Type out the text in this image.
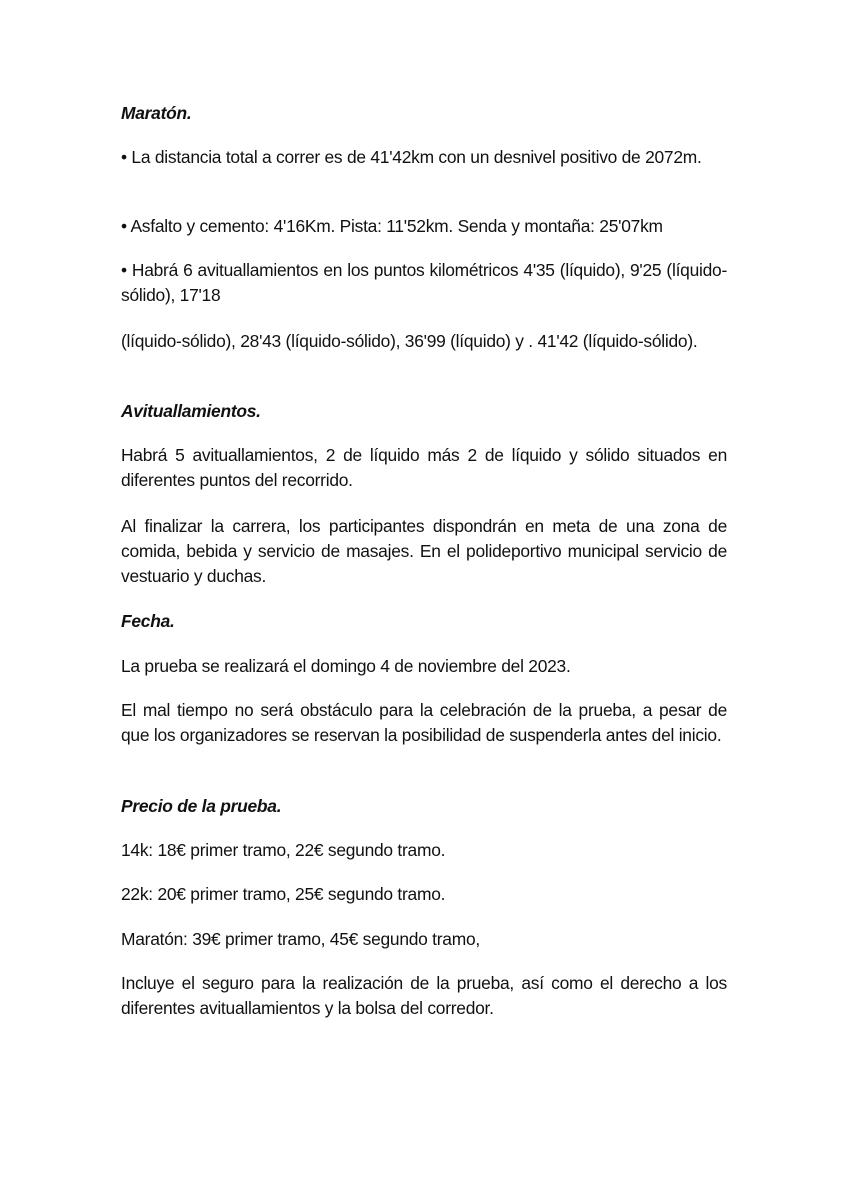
Maratón.
• La distancia total a correr es de 41'42km con un desnivel positivo de 2072m.
• Asfalto y cemento: 4'16Km. Pista: 11'52km. Senda y montaña: 25'07km
• Habrá 6 avituallamientos en los puntos kilométricos 4'35 (líquido), 9'25 (líquido-sólido), 17'18
(líquido-sólido), 28'43 (líquido-sólido), 36'99 (líquido) y . 41'42 (líquido-sólido).
Avituallamientos.
Habrá 5 avituallamientos, 2 de líquido más 2 de líquido y sólido situados en diferentes puntos del recorrido.
Al finalizar la carrera, los participantes dispondrán en meta de una zona de comida, bebida y servicio de masajes. En el polideportivo municipal servicio de vestuario y duchas.
Fecha.
La prueba se realizará el domingo 4 de noviembre del 2023.
El mal tiempo no será obstáculo para la celebración de la prueba, a pesar de que los organizadores se reservan la posibilidad de suspenderla antes del inicio.
Precio de la prueba.
14k: 18€ primer tramo, 22€ segundo tramo.
22k: 20€ primer tramo, 25€ segundo tramo.
Maratón: 39€ primer tramo, 45€ segundo tramo,
Incluye el seguro para la realización de la prueba, así como el derecho a los diferentes avituallamientos y la bolsa del corredor.
